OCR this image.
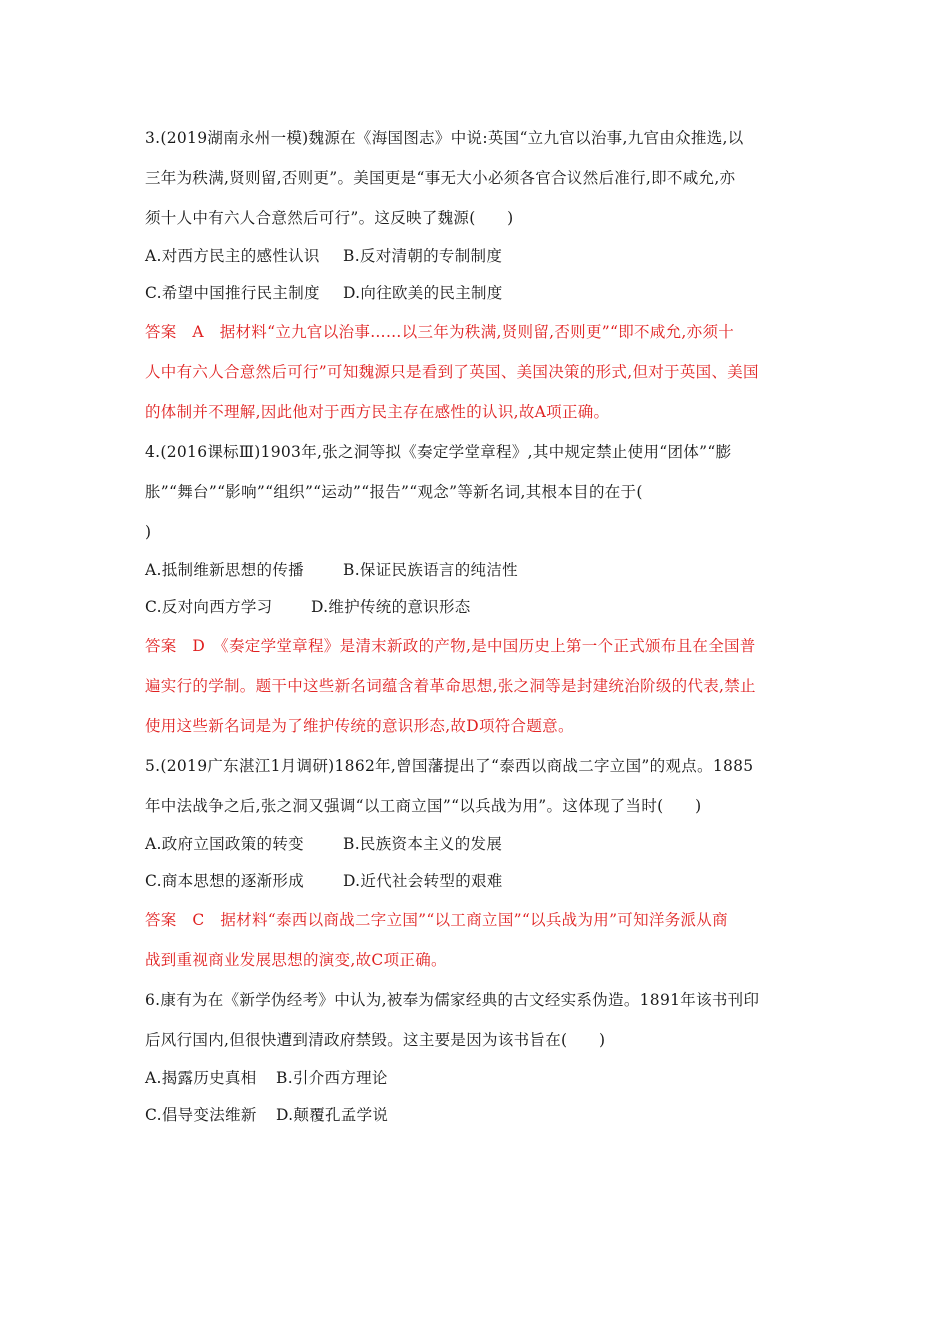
3.(2019湖南永州一模)魏源在《海国图志》中说:英国“立九官以治事,九官由众推选,以
三年为秩满,贤则留,否则更”。美国更是“事无大小必须各官合议然后准行,即不咸允,亦
须十人中有六人合意然后可行”。这反映了魏源(　　)
A.对西方民主的感性认识 B.反对清朝的专制制度
C.希望中国推行民主制度 D.向往欧美的民主制度
答案　A　据材料“立九官以治事……以三年为秩满,贤则留,否则更”“即不咸允,亦须十
人中有六人合意然后可行”可知魏源只是看到了英国、美国决策的形式,但对于英国、美国
的体制并不理解,因此他对于西方民主存在感性的认识,故A项正确。
4.(2016课标Ⅲ)1903年,张之洞等拟《奏定学堂章程》,其中规定禁止使用“团体”“膨
胀”“舞台”“影响”“组织”“运动”“报告”“观念”等新名词,其根本目的在于(
)
A.抵制维新思想的传播	B.保证民族语言的纯洁性
C.反对向西方学习 D.维护传统的意识形态
答案　D　《奏定学堂章程》是清末新政的产物,是中国历史上第一个正式颁布且在全国普
遍实行的学制。题干中这些新名词蕴含着革命思想,张之洞等是封建统治阶级的代表,禁止
使用这些新名词是为了维护传统的意识形态,故D项符合题意。
5.(2019广东湛江1月调研)1862年,曾国藩提出了“泰西以商战二字立国”的观点。1885
年中法战争之后,张之洞又强调“以工商立国”“以兵战为用”。这体现了当时(　　)
A.政府立国政策的转变	B.民族资本主义的发展
C.商本思想的逐渐形成	D.近代社会转型的艰难
答案　C　据材料“泰西以商战二字立国”“以工商立国”“以兵战为用”可知洋务派从商
战到重视商业发展思想的演变,故C项正确。
6.康有为在《新学伪经考》中认为,被奉为儒家经典的古文经实系伪造。1891年该书刊印
后风行国内,但很快遭到清政府禁毁。这主要是因为该书旨在(　　)
A.揭露历史真相 B.引介西方理论
C.倡导变法维新 D.颠覆孔孟学说
